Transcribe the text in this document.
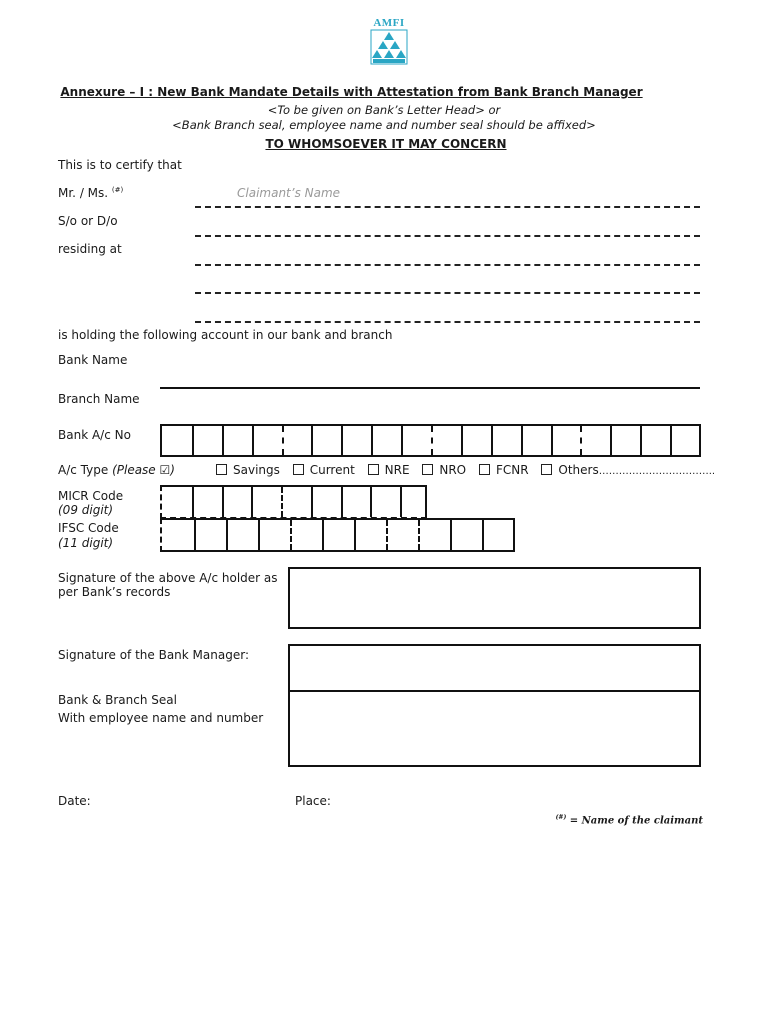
AMFI
Annexure – I : New Bank Mandate Details with Attestation from Bank Branch Manager
<To be given on Bank’s Letter Head> or
<Bank Branch seal, employee name and number seal should be affixed>
TO WHOMSOEVER IT MAY CONCERN
This is to certify that
Mr. / Ms. (#)	Claimant’s Name
S/o or D/o
residing at
is holding the following account in our bank and branch
Bank Name
Branch Name
Bank A/c No
A/c Type (Please ☑)	Savings Current NRE NRO FCNR Others……………………………..
MICR Code
(09 digit)
IFSC Code
(11 digit)
Signature of the above A/c holder as
per Bank’s records
Signature of the Bank Manager:
Bank & Branch Seal
With employee name and number
Date:	Place:
(#) = Name of the claimant
